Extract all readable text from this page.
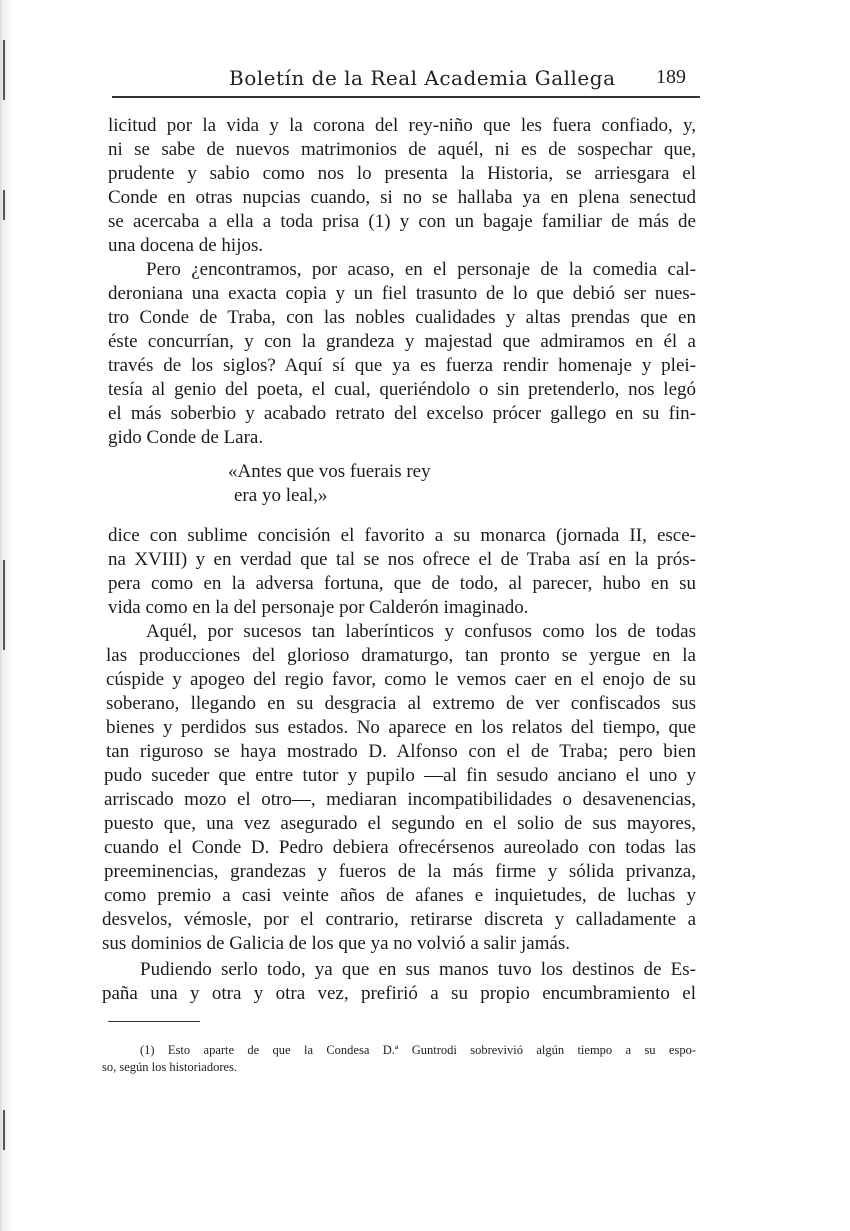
Boletín de la Real Academia Gallega 189
licitud por la vida y la corona del rey-niño que les fuera confiado, y,
ni se sabe de nuevos matrimonios de aquél, ni es de sospechar que,
prudente y sabio como nos lo presenta la Historia, se arriesgara el
Conde en otras nupcias cuando, si no se hallaba ya en plena senectud
se acercaba a ella a toda prisa (1) y con un bagaje familiar de más de
una docena de hijos.
Pero ¿encontramos, por acaso, en el personaje de la comedia cal-
deroniana una exacta copia y un fiel trasunto de lo que debió ser nues-
tro Conde de Traba, con las nobles cualidades y altas prendas que en
éste concurrían, y con la grandeza y majestad que admiramos en él a
través de los siglos? Aquí sí que ya es fuerza rendir homenaje y plei-
tesía al genio del poeta, el cual, queriéndolo o sin pretenderlo, nos legó
el más soberbio y acabado retrato del excelso prócer gallego en su fin-
gido Conde de Lara.
«Antes que vos fuerais rey
era yo leal,»
dice con sublime concisión el favorito a su monarca (jornada II, esce-
na XVIII) y en verdad que tal se nos ofrece el de Traba así en la prós-
pera como en la adversa fortuna, que de todo, al parecer, hubo en su
vida como en la del personaje por Calderón imaginado.
Aquél, por sucesos tan laberínticos y confusos como los de todas
las producciones del glorioso dramaturgo, tan pronto se yergue en la
cúspide y apogeo del regio favor, como le vemos caer en el enojo de su
soberano, llegando en su desgracia al extremo de ver confiscados sus
bienes y perdidos sus estados. No aparece en los relatos del tiempo, que
tan riguroso se haya mostrado D. Alfonso con el de Traba; pero bien
pudo suceder que entre tutor y pupilo —al fin sesudo anciano el uno y
arriscado mozo el otro—, mediaran incompatibilidades o desavenencias,
puesto que, una vez asegurado el segundo en el solio de sus mayores,
cuando el Conde D. Pedro debiera ofrecérsenos aureolado con todas las
preeminencias, grandezas y fueros de la más firme y sólida privanza,
como premio a casi veinte años de afanes e inquietudes, de luchas y
desvelos, vémosle, por el contrario, retirarse discreta y calladamente a
sus dominios de Galicia de los que ya no volvió a salir jamás.
Pudiendo serlo todo, ya que en sus manos tuvo los destinos de Es-
paña una y otra y otra vez, prefirió a su propio encumbramiento el
(1) Esto aparte de que la Condesa D.ª Guntrodi sobrevivió algún tiempo a su espo-
so, según los historiadores.
